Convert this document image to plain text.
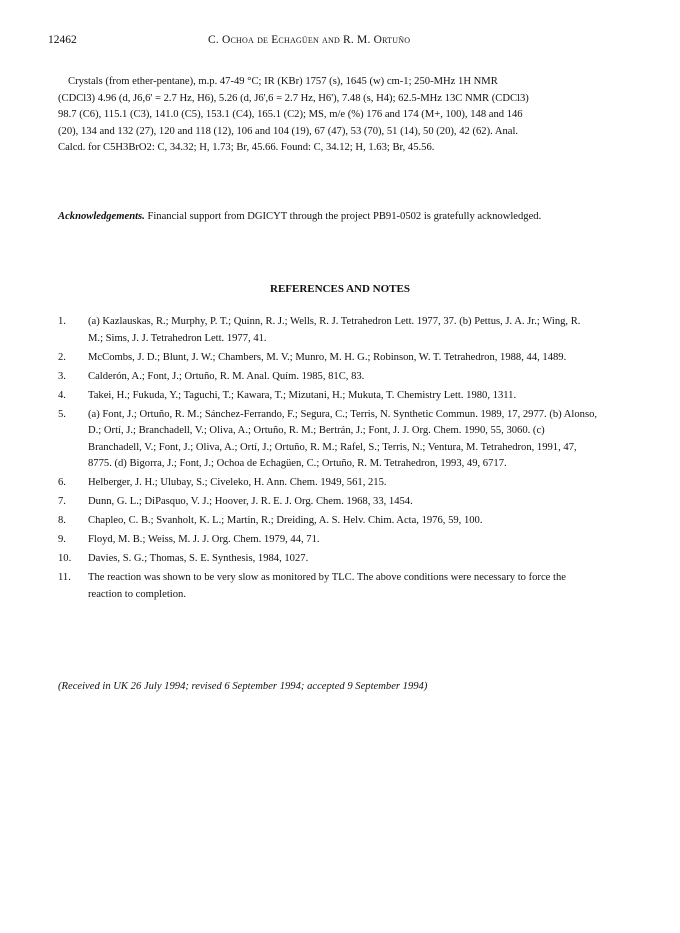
12462	C. Ochoa de Echagüen and R. M. Ortuño
Crystals (from ether-pentane), m.p. 47-49 °C; IR (KBr) 1757 (s), 1645 (w) cm-1; 250-MHz 1H NMR
(CDCl3) 4.96 (d, J6,6' = 2.7 Hz, H6), 5.26 (d, J6',6 = 2.7 Hz, H6'), 7.48 (s, H4); 62.5-MHz 13C NMR (CDCl3)
98.7 (C6), 115.1 (C3), 141.0 (C5), 153.1 (C4), 165.1 (C2); MS, m/e (%) 176 and 174 (M+, 100), 148 and 146
(20), 134 and 132 (27), 120 and 118 (12), 106 and 104 (19), 67 (47), 53 (70), 51 (14), 50 (20), 42 (62). Anal.
Calcd. for C5H3BrO2: C, 34.32; H, 1.73; Br, 45.66. Found: C, 34.12; H, 1.63; Br, 45.56.
Acknowledgements. Financial support from DGICYT through the project PB91-0502 is gratefully acknowledged.
REFERENCES AND NOTES
1.	(a) Kazlauskas, R.; Murphy, P. T.; Quinn, R. J.; Wells, R. J. Tetrahedron Lett. 1977, 37. (b) Pettus, J. A. Jr.; Wing, R. M.; Sims, J. J. Tetrahedron Lett. 1977, 41.
2.	McCombs, J. D.; Blunt, J. W.; Chambers, M. V.; Munro, M. H. G.; Robinson, W. T. Tetrahedron, 1988, 44, 1489.
3.	Calderón, A.; Font, J.; Ortuño, R. M. Anal. Quím. 1985, 81C, 83.
4.	Takei, H.; Fukuda, Y.; Taguchi, T.; Kawara, T.; Mizutani, H.; Mukuta, T. Chemistry Lett. 1980, 1311.
5.	(a) Font, J.; Ortuño, R. M.; Sánchez-Ferrando, F.; Segura, C.; Terris, N. Synthetic Commun. 1989, 17, 2977. (b) Alonso, D.; Ortí, J.; Branchadell, V.; Oliva, A.; Ortuño, R. M.; Bertrán, J.; Font, J. J. Org. Chem. 1990, 55, 3060. (c) Branchadell, V.; Font, J.; Oliva, A.; Ortí, J.; Ortuño, R. M.; Rafel, S.; Terris, N.; Ventura, M. Tetrahedron, 1991, 47, 8775. (d) Bigorra, J.; Font, J.; Ochoa de Echagüen, C.; Ortuño, R. M. Tetrahedron, 1993, 49, 6717.
6.	Helberger, J. H.; Ulubay, S.; Civeleko, H. Ann. Chem. 1949, 561, 215.
7.	Dunn, G. L.; DiPasquo, V. J.; Hoover, J. R. E. J. Org. Chem. 1968, 33, 1454.
8.	Chapleo, C. B.; Svanholt, K. L.; Martin, R.; Dreiding, A. S. Helv. Chim. Acta, 1976, 59, 100.
9.	Floyd, M. B.; Weiss, M. J. J. Org. Chem. 1979, 44, 71.
10.	Davies, S. G.; Thomas, S. E. Synthesis, 1984, 1027.
11.	The reaction was shown to be very slow as monitored by TLC. The above conditions were necessary to force the reaction to completion.
(Received in UK 26 July 1994; revised 6 September 1994; accepted 9 September 1994)
